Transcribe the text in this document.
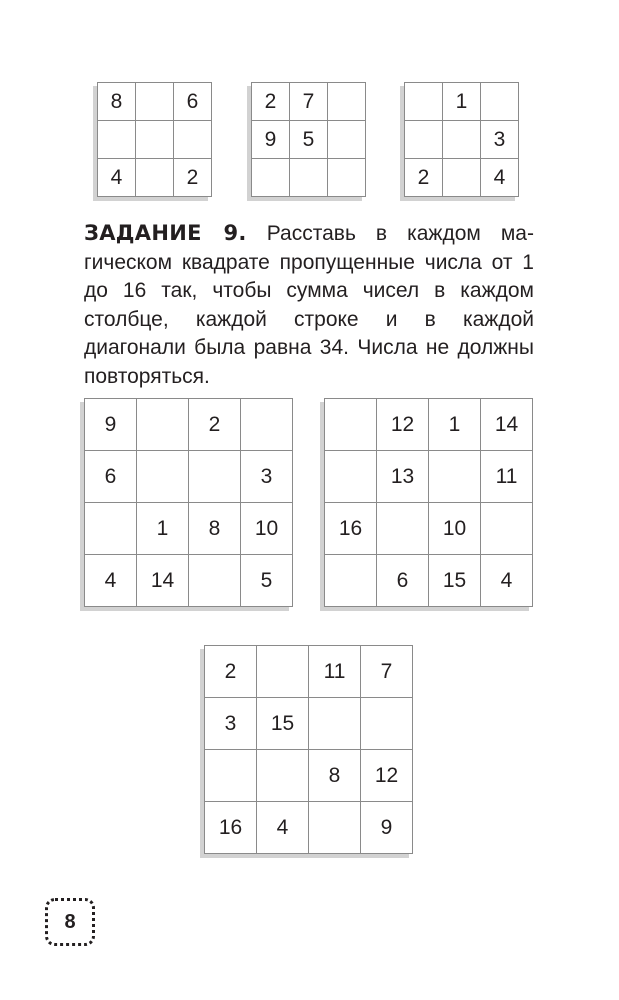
8		6

4		2
2	7	
9	5	

	1	
		3
2		4
ЗАДАНИЕ 9. Расставь в каждом магическом квадрате пропущенные числа от 1 до 16 так, чтобы сумма чисел в каждом столбце, каждой строке и в каждой диагонали была равна 34. Числа не должны повторяться.
9		2	
6			3
	1	8	10
4	14		5
	12	1	14
	13		11
16		10	
	6	15	4
2		11	7
3	15		
		8	12
16	4		9
8
